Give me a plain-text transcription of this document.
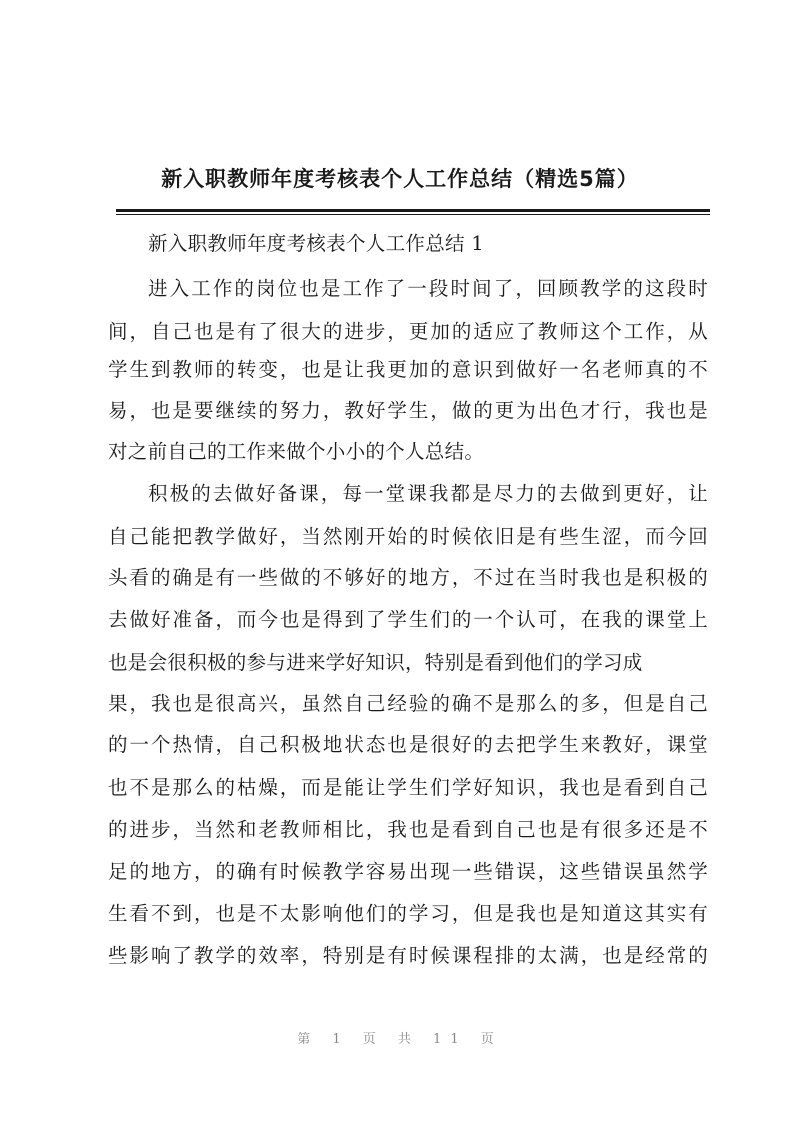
新入职教师年度考核表个人工作总结（精选5篇）
新入职教师年度考核表个人工作总结 1
进入工作的岗位也是工作了一段时间了，回顾教学的这段时
间，自己也是有了很大的进步，更加的适应了教师这个工作，从
学生到教师的转变，也是让我更加的意识到做好一名老师真的不
易，也是要继续的努力，教好学生，做的更为出色才行，我也是
对之前自己的工作来做个小小的个人总结。
积极的去做好备课，每一堂课我都是尽力的去做到更好，让
自己能把教学做好，当然刚开始的时候依旧是有些生涩，而今回
头看的确是有一些做的不够好的地方，不过在当时我也是积极的
去做好准备，而今也是得到了学生们的一个认可，在我的课堂上
也是会很积极的参与进来学好知识，特别是看到他们的学习成
果，我也是很高兴，虽然自己经验的确不是那么的多，但是自己
的一个热情，自己积极地状态也是很好的去把学生来教好，课堂
也不是那么的枯燥，而是能让学生们学好知识，我也是看到自己
的进步，当然和老教师相比，我也是看到自己也是有很多还是不
足的地方，的确有时候教学容易出现一些错误，这些错误虽然学
生看不到，也是不太影响他们的学习，但是我也是知道这其实有
些影响了教学的效率，特别是有时候课程排的太满，也是经常的
第 1 页 共 11 页
